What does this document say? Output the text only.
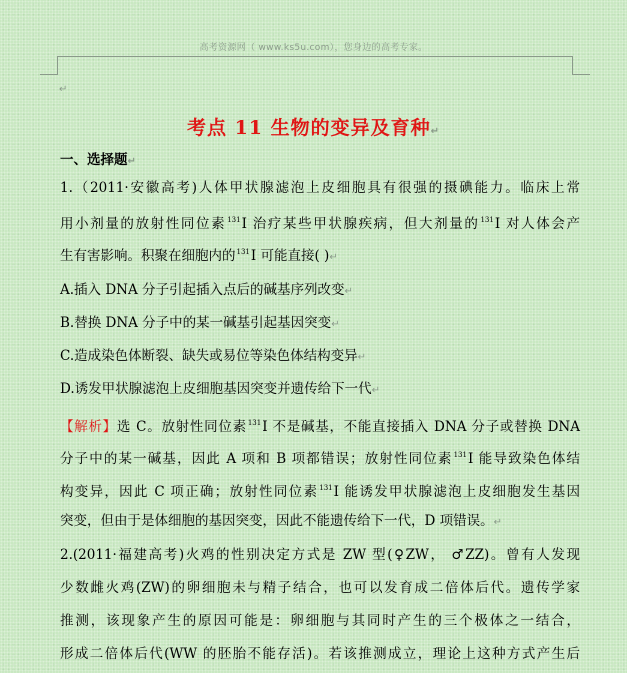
高考资源网（ www.ks5u.com），您身边的高考专家。
↵
考点 11 生物的变异及育种↵
一、选择题↵
1.（2011·安徽高考)人体甲状腺滤泡上皮细胞具有很强的摄碘能力。临床上常
用小剂量的放射性同位素$^{131}$I 治疗某些甲状腺疾病，但大剂量的$^{131}$I 对人体会产
生有害影响。积聚在细胞内的$^{131}$I 可能直接( )↵
A.插入 DNA 分子引起插入点后的碱基序列改变↵
B.替换 DNA 分子中的某一碱基引起基因突变↵
C.造成染色体断裂、缺失或易位等染色体结构变异↵
D.诱发甲状腺滤泡上皮细胞基因突变并遗传给下一代↵
【解析】选 C。放射性同位素$^{131}$I 不是碱基，不能直接插入 DNA 分子或替换 DNA
分子中的某一碱基，因此 A 项和 B 项都错误；放射性同位素$^{131}$I 能导致染色体结
构变异，因此 C 项正确；放射性同位素$^{131}$I 能诱发甲状腺滤泡上皮细胞发生基因
突变，但由于是体细胞的基因突变，因此不能遗传给下一代，D 项错误。↵
2.(2011·福建高考)火鸡的性别决定方式是 ZW 型(♀ZW， ♂ZZ)。曾有人发现
少数雌火鸡(ZW)的卵细胞未与精子结合，也可以发育成二倍体后代。遗传学家
推测，该现象产生的原因可能是：卵细胞与其同时产生的三个极体之一结合，
形成二倍体后代(WW 的胚胎不能存活)。若该推测成立，理论上这种方式产生后
